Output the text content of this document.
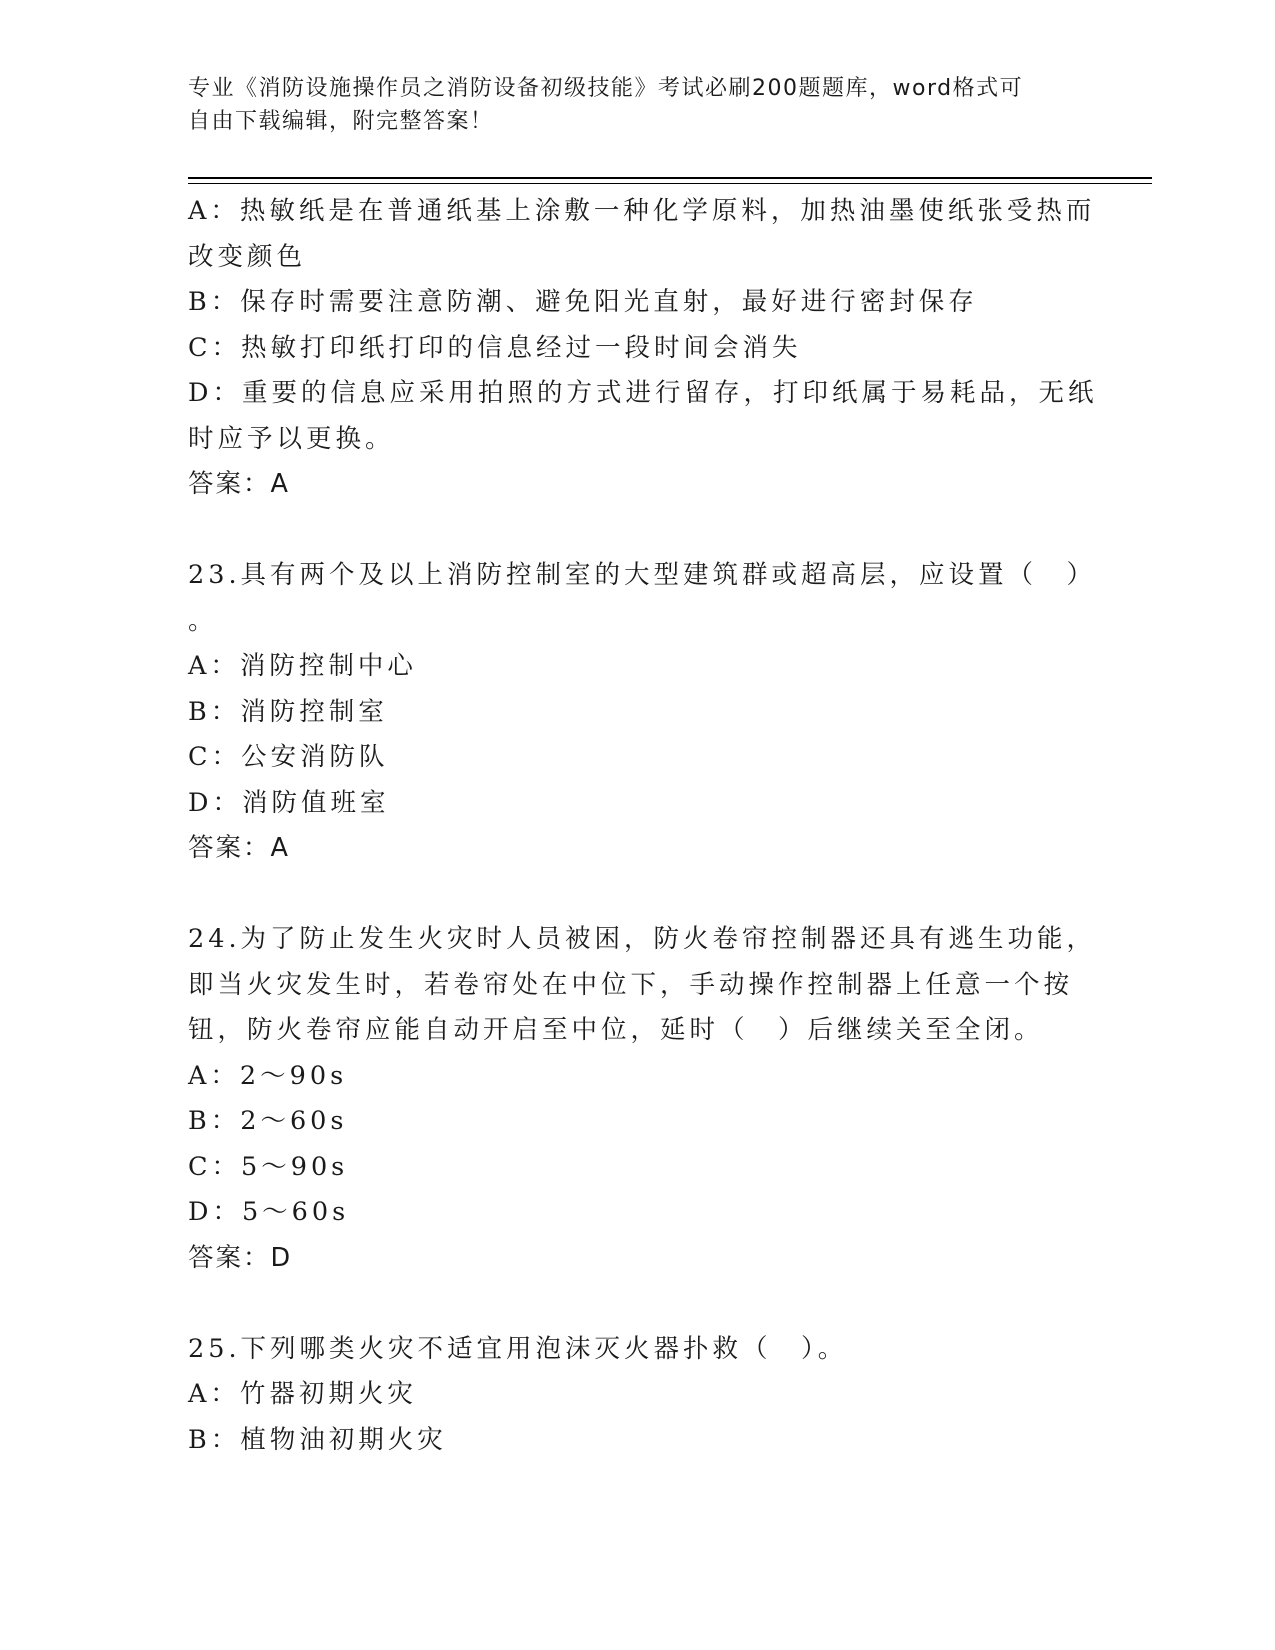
专业《消防设施操作员之消防设备初级技能》考试必刷200题题库，word格式可
自由下载编辑，附完整答案！
A：热敏纸是在普通纸基上涂敷一种化学原料，加热油墨使纸张受热而
改变颜色
B：保存时需要注意防潮、避免阳光直射，最好进行密封保存
C：热敏打印纸打印的信息经过一段时间会消失
D：重要的信息应采用拍照的方式进行留存，打印纸属于易耗品，无纸
时应予以更换。
答案：A
23.具有两个及以上消防控制室的大型建筑群或超高层，应设置（　）
。
A：消防控制中心
B：消防控制室
C：公安消防队
D：消防值班室
答案：A
24.为了防止发生火灾时人员被困，防火卷帘控制器还具有逃生功能，
即当火灾发生时，若卷帘处在中位下，手动操作控制器上任意一个按
钮，防火卷帘应能自动开启至中位，延时（　）后继续关至全闭。
A：2～90s
B：2～60s
C：5～90s
D：5～60s
答案：D
25.下列哪类火灾不适宜用泡沫灭火器扑救（　）。
A：竹器初期火灾
B：植物油初期火灾
